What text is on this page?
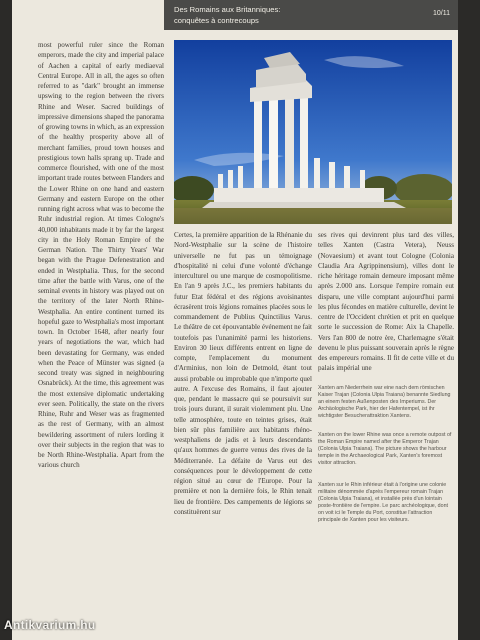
Des Romains aux Britanniques:
conquêtes à contrecoups
10/11

most powerful ruler since the Roman emperors, made the city and imperial palace of Aachen a capital of early mediaeval Central Europe. All in all, the ages so often referred to as "dark" brought an immense upswing to the region between the rivers Rhine and Weser. Sacred buildings of impressive dimensions shaped the panorama of growing towns in which, as an expression of the healthy prosperity above all of merchant families, proud town houses and prestigious town halls sprang up. Trade and commerce flourished, with one of the most important trade routes between Flanders and the Lower Rhine on one hand and eastern Germany and eastern Europe on the other running right across what was to become the Ruhr industrial region. At times Cologne's 40,000 inhabitants made it by far the largest city in the Holy Roman Empire of the German Nation. The Thirty Years' War began with the Prague Defenestration and ended in Westphalia. Thus, for the second time after the battle with Varus, one of the seminal events in history was played out on the territory of the later North Rhine-Westphalia. An entire continent turned its hopeful gaze to Westphalia's most important town. In October 1648, after nearly four years of negotiations the war, which had been devastating for Germany, was ended when the Peace of Münster was signed (a second treaty was signed in neighbouring Osnabrück). At the time, this agreement was the most extensive diplomatic undertaking ever seen. Politically, the state on the rivers Rhine, Ruhr and Weser was as fragmented as the rest of Germany, with an almost bewildering assortment of rulers lording it over their subjects in the region that was to be North Rhine-Westphalia. Apart from the various church

Certes, la première apparition de la Rhénanie du Nord-Westphalie sur la scène de l'histoire universelle ne fut pas un témoignage d'hospitalité ni celui d'une volonté d'échange interculturel ou une marque de cosmopolitisme. En l'an 9 après J.C., les premiers habitants du futur Etat fédéral et des régions avoisinantes écrasèrent trois légions romaines placées sous le commandement de Publius Quinctilius Varus. Le théâtre de cet épouvantable événement ne fait toutefois pas l'unanimité parmi les historiens. Environ 30 lieux différents entrent en ligne de compte, l'emplacement du monument d'Arminius, non loin de Detmold, étant tout aussi probable ou improbable que n'importe quel autre. A l'excuse des Romains, il faut ajouter que, pendant le massacre qui se poursuivit sur trois jours durant, il surait violemment plu. Une telle atmosphère, toute en teintes grises, était bien sûr plus familière aux habitants rhéno-westphaliens de jadis et à leurs descendants qu'aux hommes de guerre venus des rives de la Méditerranée. La défaite de Varus eut des conséquences pour le développement de cette région situé au cœur de l'Europe. Pour la première et non la dernière fois, le Rhin tenait lieu de frontière. Des campements de légions se constituèrent sur

ses rives qui devinrent plus tard des villes, telles Xanten (Castra Vetera), Neuss (Novaesium) et avant tout Cologne (Colonia Claudia Ara Agrippinensium), villes dont le riche héritage romain demeure imposant même après 2.000 ans. Lorsque l'empire romain eut disparu, une ville comptant aujourd'hui parmi les plus fécondes en matière culturelle, devint le centre de l'Occident chrétien et prit en quelque sorte le succession de Rome: Aix la Chapelle. Vers l'an 800 de notre ère, Charlemagne s'était devenu le plus puissant souverain après le règne des empereurs romains. Il fit de cette ville et du palais impérial une

Xanten am Niederrhein war eine nach dem römischen Kaiser Trajan (Colonia Ulpia Traiana) benannte Siedlung an einem festen Außenposten des Imperiums. Der Archäologische Park, hier der Hafentempel, ist ihr wichtigster Besucherattraktion Xantens.

Xanten on the lower Rhine was once a remote outpost of the Roman Empire named after the Emperor Trajan (Colonia Ulpia Traiana). The picture shows the harbour temple in the Archaeological Park, Xanten's foremost visitor attraction.

Xanten sur le Rhin inférieur était à l'origine une colonie militaire dénommée d'après l'empereur romain Trajan (Colonia Ulpia Traiana), et installée près d'un lointain poste-frontière de l'empire. Le parc archéologique, dont on voit ici le Temple du Port, constitue l'attraction principale de Xanten pour les visiteurs.

Antikvarium.hu
